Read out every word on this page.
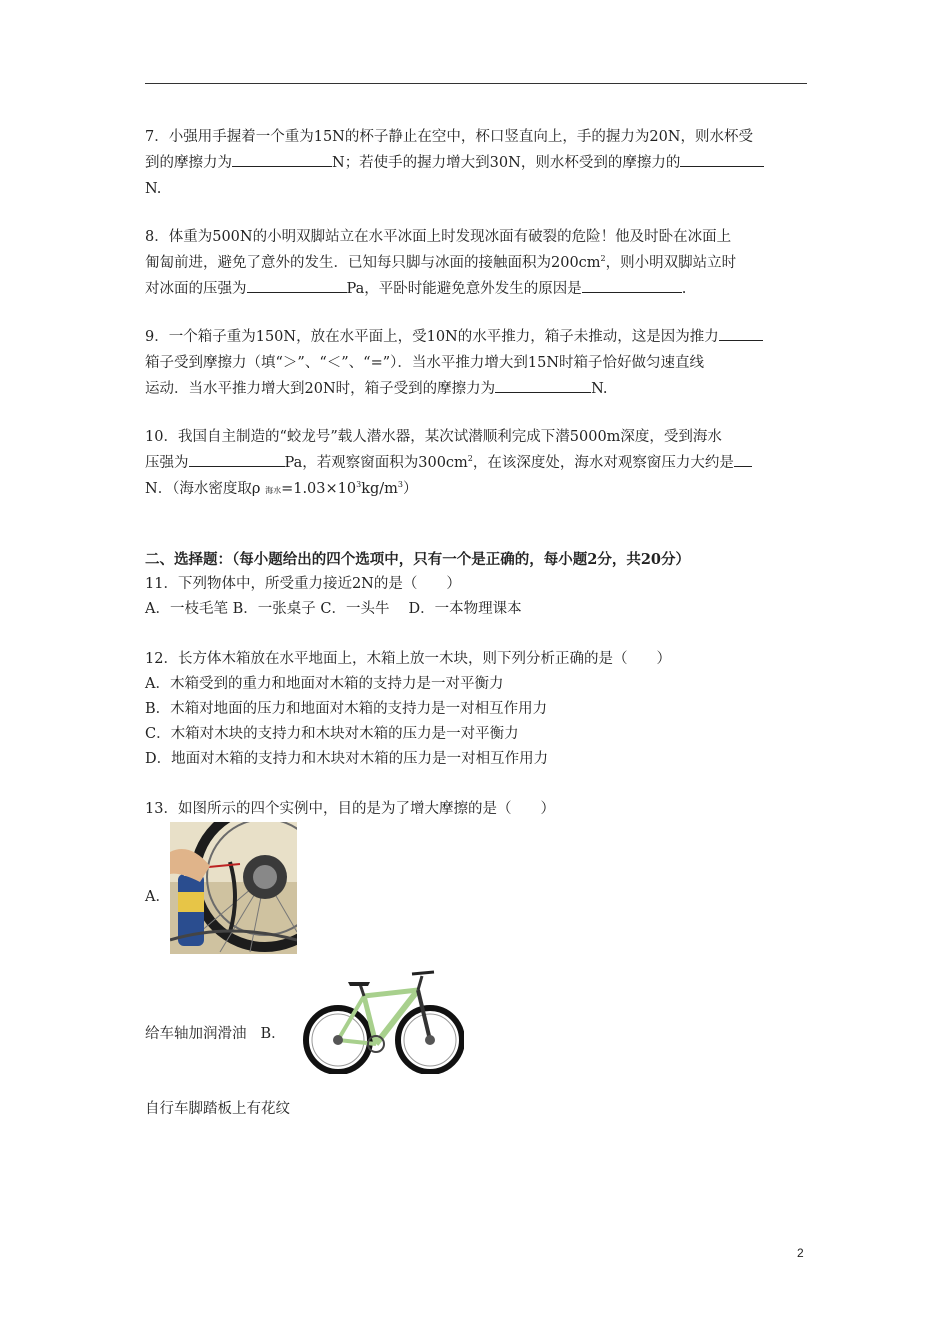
7．小强用手握着一个重为15N的杯子静止在空中，杯口竖直向上，手的握力为20N，则水杯受
到的摩擦力为	N；若使手的握力增大到30N，则水杯受到的摩擦力的
N.
8．体重为500N的小明双脚站立在水平冰面上时发现冰面有破裂的危险！他及时卧在冰面上
匍匐前进，避免了意外的发生．已知每只脚与冰面的接触面积为$200cm^2$，则小明双脚站立时
对冰面的压强为	Pa，平卧时能避免意外发生的原因是	.
9．一个箱子重为150N，放在水平面上，受10N的水平推力，箱子未推动，这是因为推力
箱子受到摩擦力（填“＞”、“＜”、“=”）．当水平推力增大到15N时箱子恰好做匀速直线
运动．当水平推力增大到20N时，箱子受到的摩擦力为	N.
10．我国自主制造的“蛟龙号”载人潜水器，某次试潜顺利完成下潜5000m深度，受到海水
压强为	Pa，若观察窗面积为$300cm^2$，在该深度处，海水对观察窗压力大约是
N．（海水密度取ρ 海水$=1.03\times 10^3kg/m^3$）
二、选择题：（每小题给出的四个选项中，只有一个是正确的，每小题2分，共20分）
11．下列物体中，所受重力接近2N的是（　　）
A．一枝毛笔 B．一张桌子 C．一头牛　 D．一本物理课本
12．长方体木箱放在水平地面上，木箱上放一木块，则下列分析正确的是（　　）
A．木箱受到的重力和地面对木箱的支持力是一对平衡力
B．木箱对地面的压力和地面对木箱的支持力是一对相互作用力
C．木箱对木块的支持力和木块对木箱的压力是一对平衡力
D．地面对木箱的支持力和木块对木箱的压力是一对相互作用力
13．如图所示的四个实例中，目的是为了增大摩擦的是（　　）
A．
给车轴加润滑油 B．
自行车脚踏板上有花纹
2
